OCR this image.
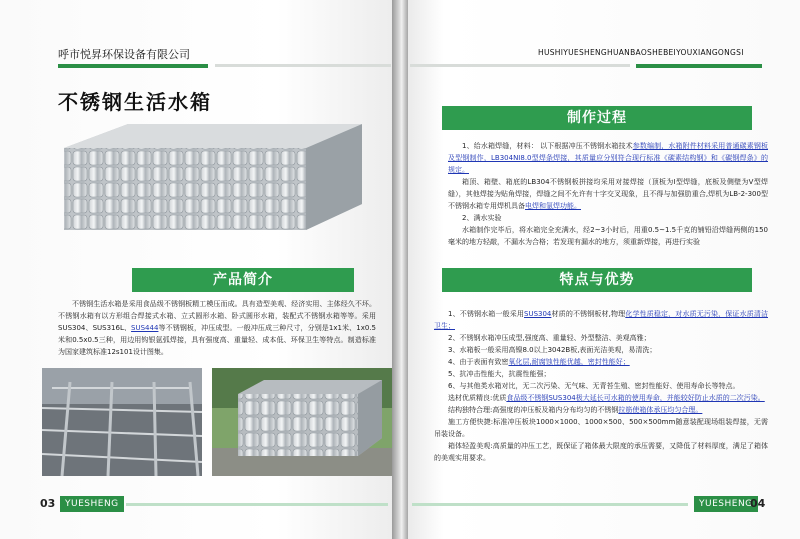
呼市悦昇环保设备有限公司
不锈钢生活水箱
产品简介

不锈钢生活水箱是采用食品级不锈钢板精工模压而成。具有造型美观、经济实用、主体经久不坏。不锈钢水箱有以方形组合焊接式水箱、立式圆形水箱、卧式圆形水箱，装配式不锈钢水箱等等。采用SUS304、SUS316L、SUS444等不锈钢板，冲压成型。一般冲压成三种尺寸，分别是1x1米、1x0.5米和0.5x0.5三种，用边用钩银氩弧焊接，具有强度高、重量轻、成本低、环保卫生等特点。制造标准为国家建筑标准12s101设计图集。

03	YUESHENG
HUSHIYUESHENGHUANBAOSHEBEIYOUXIANGONGSI
制作过程

1、给水箱焊缝，材料： 以下根据冲压不锈钢水箱技术参数编制，水箱附件材料采用普通碳素钢板及型钢制作，LB304NI8.0型焊条焊接，其质量应分别符合现行标准《碳素结构钢》和《碳钢焊条》的规定。

箱顶、箱壁、箱底的LB304不锈钢板拼接均采用对接焊接（顶板为I型焊缝，底板及侧壁为V型焊缝），其他焊接为贴角焊接，焊缝之间不允许有十字交叉现象，且不得与加强肋重合,焊机为LB-2-300型不锈钢水箱专用焊机具备电焊和氩焊功能。

2、满水实验

水箱制作完毕后，将水箱完全充满水，经2~3小时后，用重0.5~1.5千克的铺铅沿焊缝两侧的150毫米的地方轻敲，不漏水为合格；若发现有漏水的地方，须重新焊接，再进行实验

特点与优势

1、不锈钢水箱一般采用SUS304材质的不锈钢板材,物理化学性质稳定，对水质无污染，保证水质清洁卫生；

2、不锈钢水箱冲压成型,强度高、重量轻、外型整洁、美观高雅；

3、水箱板一般采用高镍8.0以上3042B板,表面光洁美观，易清洗；

4、由于表面有致密氧化层,耐腐蚀性能优越，密封性能好；

5、抗冲击性能大，抗震性能强；

6、与其他类水箱对比，无二次污染、无气味、无青苔生殖、密封性能好、使用寿命长等特点。

选材优质精良:优质食品级不锈钢SUS304极大延长可水箱的使用寿命，并能较好防止水质的二次污染。

结构独特合理:高强度的冲压板及箱内分布均匀的不锈钢拉筋使箱体承压均匀合理。

施工方便快捷:标准冲压板块1000×1000、1000×500、500×500mm随意装配现场组装焊接，无需吊装设备。

箱体轻盈美观:高质量的冲压工艺，既保证了箱体最大限度的承压需要，又降低了材料厚度，满足了箱体的美观实用要求。

YUESHENG
04
